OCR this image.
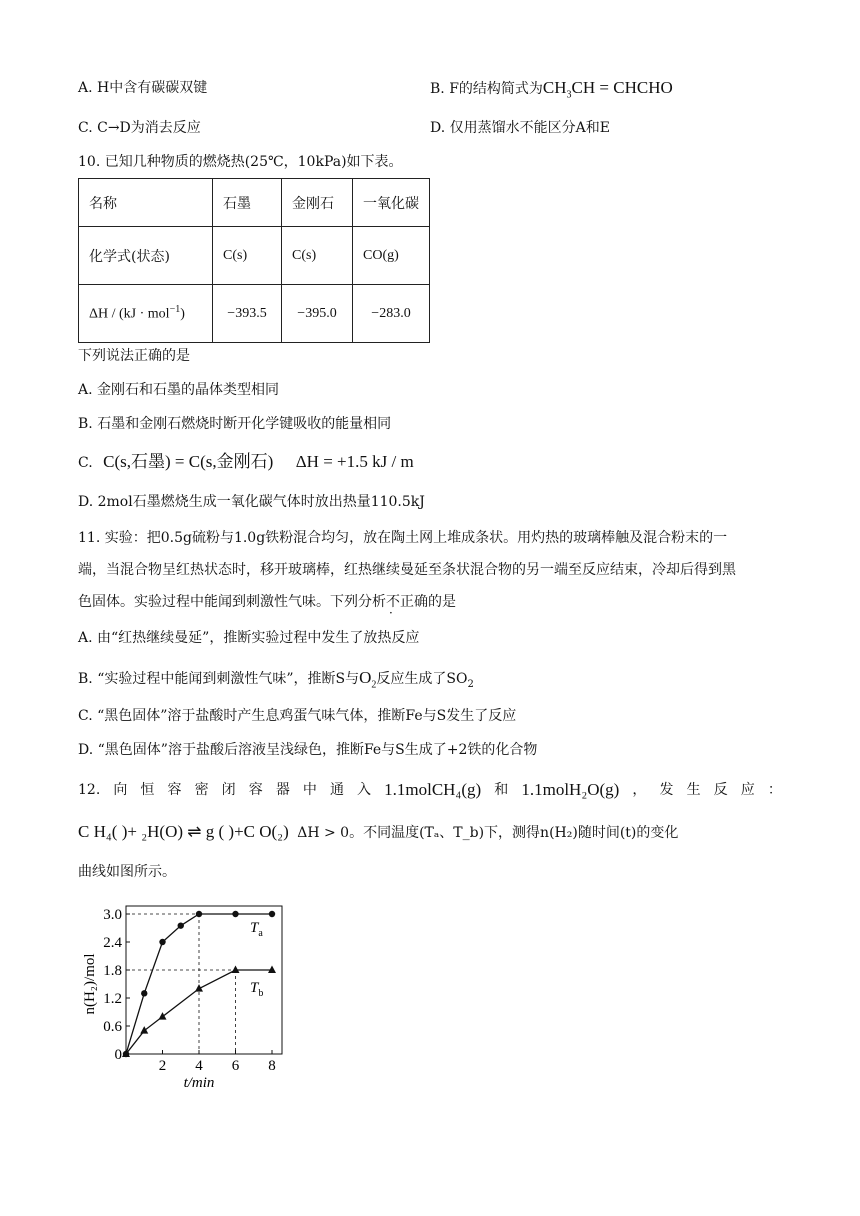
A. H中含有碳碳双键	B. F的结构简式为$CH_3CH$ = CHCHO
C. C→D为消去反应	D. 仅用蒸馏水不能区分A和E
10. 已知几种物质的燃烧热(25℃，10kPa)如下表。
名称	石墨	金刚石	一氧化碳
化学式(状态)	C(s)	C(s)	CO(g)
ΔH / (kJ · mol$^{-1}$)	−393.5	−395.0	−283.0
下列说法正确的是
A. 金刚石和石墨的晶体类型相同
B. 石墨和金刚石燃烧时断开化学键吸收的能量相同
C. C(s,石墨) = C(s,金刚石) ΔH = +1.5 kJ / m
D. 2mol石墨燃烧生成一氧化碳气体时放出热量110.5kJ
11. 实验：把0.5g硫粉与1.0g铁粉混合均匀，放在陶土网上堆成条状。用灼热的玻璃棒触及混合粉末的一
端，当混合物呈红热状态时，移开玻璃棒，红热继续曼延至条状混合物的另一端至反应结束，冷却后得到黑
色固体。实验过程中能闻到刺激性气味。下列分析不正确的是
A. 由“红热继续曼延”，推断实验过程中发生了放热反应
B. “实验过程中能闻到刺激性气味”，推断S与$O_2$反应生成了$SO_2$
C. “黑色固体”溶于盐酸时产生息鸡蛋气味气体，推断Fe与S发生了反应
D. “黑色固体”溶于盐酸后溶液呈浅绿色，推断Fe与S生成了+2铁的化合物
12. 向 恒 容 密 闭 容 器 中 通 入 1.1molCH₄(g) 和 1.1molH₂O(g) ， 发 生 反 应 ：
C H₄( )+ ₂H(O) ⇌ g ( )+C O(₂) ΔH > 0。不同温度(Tₐ、T_b)下，测得n(H₂)随时间(t)的变化
曲线如图所示。
0
0.6
1.2
1.8
2.4
3.0
2 4 6 8
t/min
n(H₂)/mol
$T_a$
$T_b$
